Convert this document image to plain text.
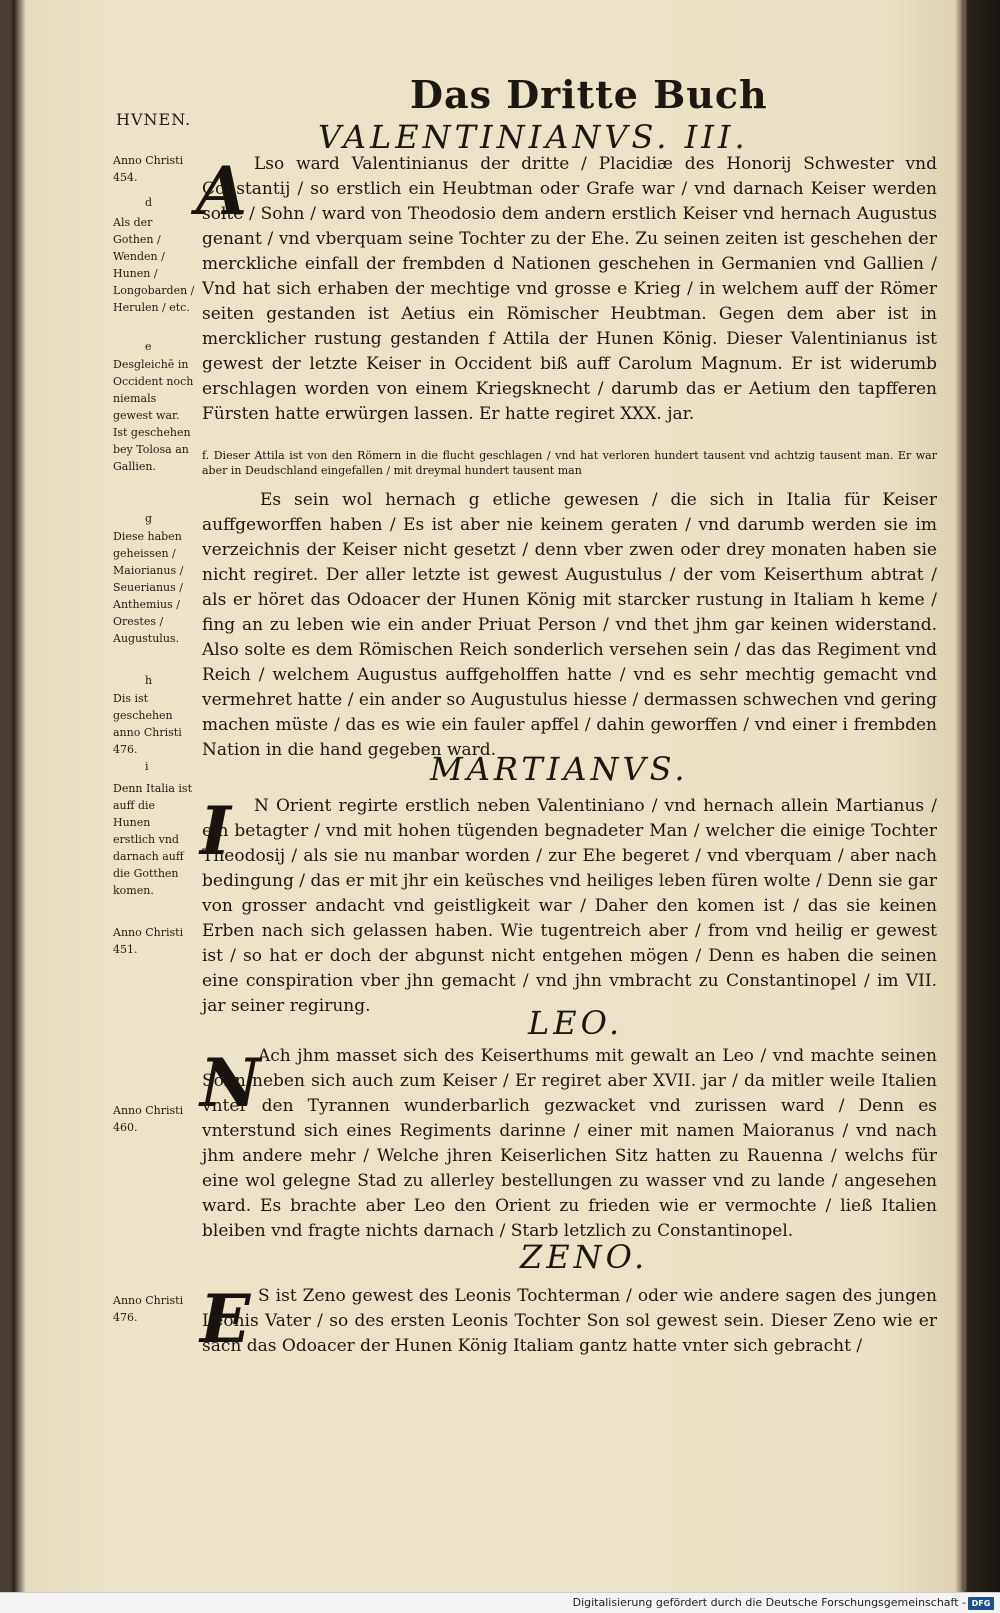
HVNEN.
Das Dritte Buch
VALENTINIANVS. III.
A Lso ward Valentinianus der dritte / Placidiæ des Honorij Schwester vnd Constantij / so erstlich ein Heubtman oder Grafe war / vnd darnach Keiser werden solte / Sohn / ward von Theodosio dem andern erstlich Keiser vnd hernach Augustus genant / vnd vberquam seine Tochter zu der Ehe. Zu seinen zeiten ist geschehen der merckliche einfall der frembden d Nationen geschehen in Germanien vnd Gallien / Vnd hat sich erhaben der mechtige vnd grosse e Krieg / in welchem auff der Römer seiten gestanden ist Aetius ein Römischer Heubtman. Gegen dem aber ist in mercklicher rustung gestanden f Attila der Hunen König. Dieser Valentinianus ist gewest der letzte Keiser in Occident biß auff Carolum Magnum. Er ist widerumb erschlagen worden von einem Kriegsknecht / darumb das er Aetium den tapfferen Fürsten hatte erwürgen lassen. Er hatte regiret XXX. jar.

f. Dieser Attila ist von den Römern in die flucht geschlagen / vnd hat verloren hundert tausent vnd achtzig tausent man. Er war aber in Deudschland eingefallen / mit dreymal hundert tausent man

Es sein wol hernach g etliche gewesen / die sich in Italia für Keiser auffgeworffen haben / Es ist aber nie keinem geraten / vnd darumb werden sie im verzeichnis der Keiser nicht gesetzt / denn vber zwen oder drey monaten haben sie nicht regiret. Der aller letzte ist gewest Augustulus / der vom Keiserthum abtrat / als er höret das Odoacer der Hunen König mit starcker rustung in Italiam h keme / fing an zu leben wie ein ander Priuat Person / vnd thet jhm gar keinen widerstand. Also solte es dem Römischen Reich sonderlich versehen sein / das das Regiment vnd Reich / welchem Augustus auffgeholffen hatte / vnd es sehr mechtig gemacht vnd vermehret hatte / ein ander so Augustulus hiesse / dermassen schwechen vnd gering machen müste / das es wie ein fauler apffel / dahin geworffen / vnd einer i frembden Nation in die hand gegeben ward.

MARTIANVS.
I	N Orient regirte erstlich neben Valentiniano / vnd hernach allein Martianus / ein betagter / vnd mit hohen tügenden begnadeter Man / welcher die einige Tochter Theodosij / als sie nu manbar worden / zur Ehe begeret / vnd vberquam / aber nach bedingung / das er mit jhr ein keüsches vnd heiliges leben füren wolte / Denn sie gar von grosser andacht vnd geistligkeit war / Daher den komen ist / das sie keinen Erben nach sich gelassen haben. Wie tugentreich aber / from vnd heilig er gewest ist / so hat er doch der abgunst nicht entgehen mögen / Denn es haben die seinen eine conspiration vber jhn gemacht / vnd jhn vmbracht zu Constantinopel / im VII. jar seiner regirung.	LEO.
N

Ach jhm masset sich des Keiserthums mit gewalt an Leo / vnd machte seinen Sohn neben sich auch zum Keiser / Er regiret aber XVII. jar / da mitler weile Italien vnter den Tyrannen wunderbarlich gezwacket vnd zurissen ward / Denn es vnterstund sich eines Regiments darinne / einer mit namen Maioranus / vnd nach jhm andere mehr / Welche jhren Keiserlichen Sitz hatten zu Rauenna / welchs für eine wol gelegne Stad zu allerley bestellungen zu wasser vnd zu lande / angesehen ward. Es brachte aber Leo den Orient zu frieden wie er vermochte / ließ Italien bleiben vnd fragte nichts darnach / Starb letzlich zu Constantinopel.

ZENO.
E S ist Zeno gewest des Leonis Tochterman / oder wie andere sagen des jungen Leonis Vater / so des ersten Leonis Tochter Son sol gewest sein. Dieser Zeno wie er sach das Odoacer der Hunen König Italiam gantz hatte vnter sich gebracht /

Anno Christi 454.

d

Als der Gothen / Wenden / Hunen / Longobarden / Herulen / etc.

e

Desgleichē in Occident noch niemals gewest war. Ist geschehen bey Tolosa an Gallien.

g

Diese haben geheissen / Maiorianus / Seuerianus / Anthemius / Orestes / Augustulus.

h

Dis ist geschehen anno Christi 476.

i

Denn Italia ist auff die Hunen erstlich vnd darnach auff die Gotthen komen.

Anno Christi 451.

Anno Christi 460.

Anno Christi 476.

Digitalisierung gefördert durch die Deutsche Forschungsgemeinschaft - DFG
